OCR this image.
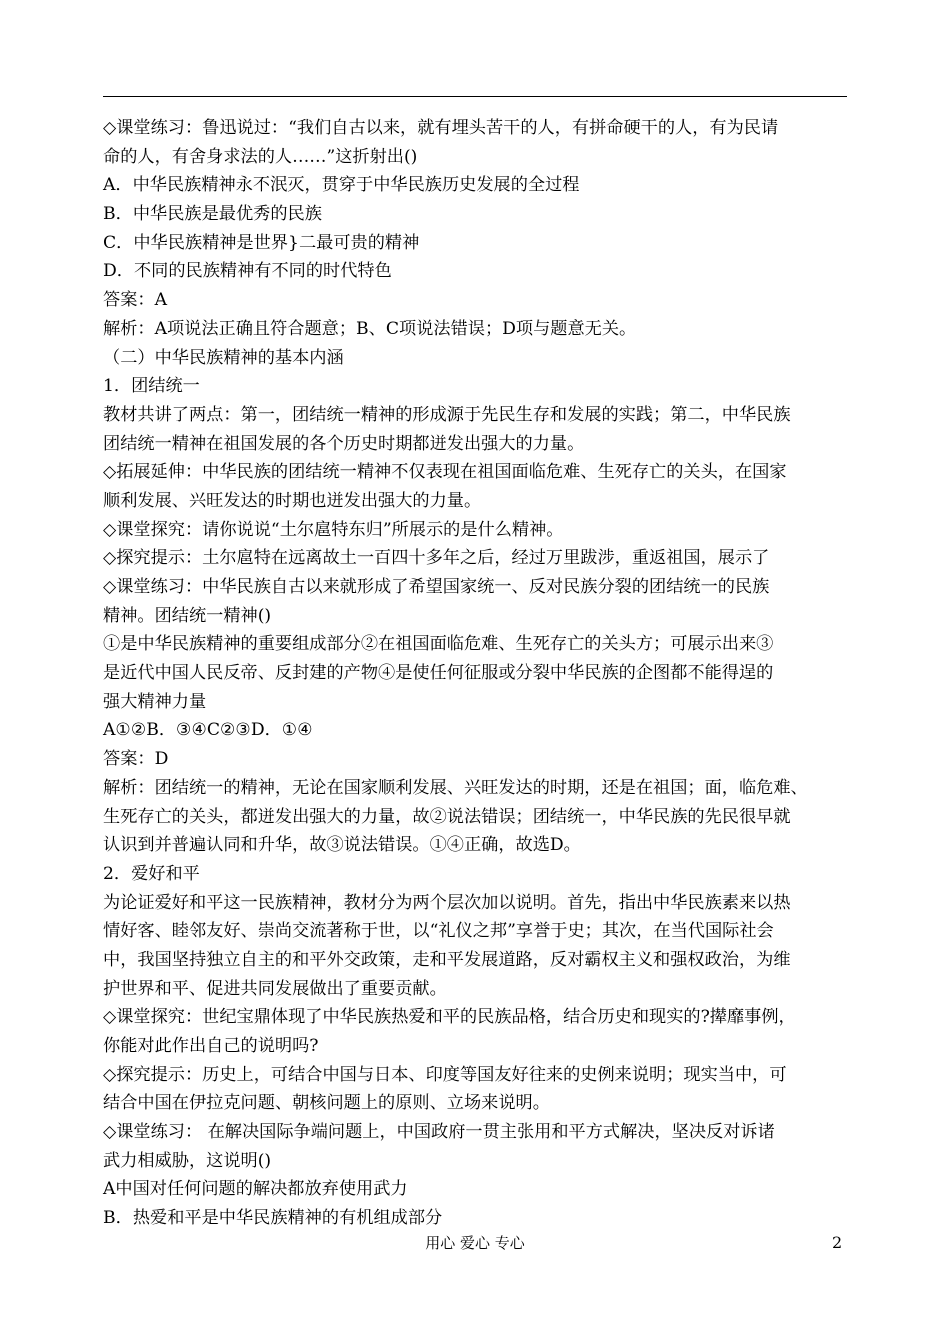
◇课堂练习：鲁迅说过：“我们自古以来，就有埋头苦干的人，有拼命硬干的人，有为民请
命的人，有舍身求法的人……”这折射出()
A．中华民族精神永不泯灭，贯穿于中华民族历史发展的全过程
B．中华民族是最优秀的民族
C．中华民族精神是世界}二最可贵的精神
D．不同的民族精神有不同的时代特色
答案：A
解析：A项说法正确且符合题意；B、C项说法错误；D项与题意无关。
（二）中华民族精神的基本内涵
1．团结统一
教材共讲了两点：第一，团结统一精神的形成源于先民生存和发展的实践；第二，中华民族
团结统一精神在祖国发展的各个历史时期都迸发出强大的力量。
◇拓展延伸：中华民族的团结统一精神不仅表现在祖国面临危难、生死存亡的关头，在国家
顺利发展、兴旺发达的时期也迸发出强大的力量。
◇课堂探究：请你说说“土尔扈特东归”所展示的是什么精神。
◇探究提示：土尔扈特在远离故土一百四十多年之后，经过万里跋涉，重返祖国，展示了
◇课堂练习：中华民族自古以来就形成了希望国家统一、反对民族分裂的团结统一的民族
精神。团结统一精神()
①是中华民族精神的重要组成部分②在祖国面临危难、生死存亡的关头方；可展示出来③
是近代中国人民反帝、反封建的产物④是使任何征服或分裂中华民族的企图都不能得逞的
强大精神力量
A①②B．③④C②③D．①④
答案：D
解析：团结统一的精神，无论在国家顺利发展、兴旺发达的时期，还是在祖国；面，临危难、
生死存亡的关头，都迸发出强大的力量，故②说法错误；团结统一，中华民族的先民很早就
认识到并普遍认同和升华，故③说法错误。①④正确，故选D。
2．爱好和平
为论证爱好和平这一民族精神，教材分为两个层次加以说明。首先，指出中华民族素来以热
情好客、睦邻友好、崇尚交流著称于世，以“礼仪之邦”享誉于史；其次，在当代国际社会
中，我国坚持独立自主的和平外交政策，走和平发展道路，反对霸权主义和强权政治，为维
护世界和平、促进共同发展做出了重要贡献。
◇课堂探究：世纪宝鼎体现了中华民族热爱和平的民族品格，结合历史和现实的?撵靡事例，
你能对此作出自己的说明吗?
◇探究提示：历史上，可结合中国与日本、印度等国友好往来的史例来说明；现实当中，可
结合中国在伊拉克问题、朝核问题上的原则、立场来说明。
◇课堂练习： 在解决国际争端问题上，中国政府一贯主张用和平方式解决，坚决反对诉诸
武力相威胁，这说明()
A中国对任何问题的解决都放弃使用武力
B．热爱和平是中华民族精神的有机组成部分
用心 爱心 专心	2
